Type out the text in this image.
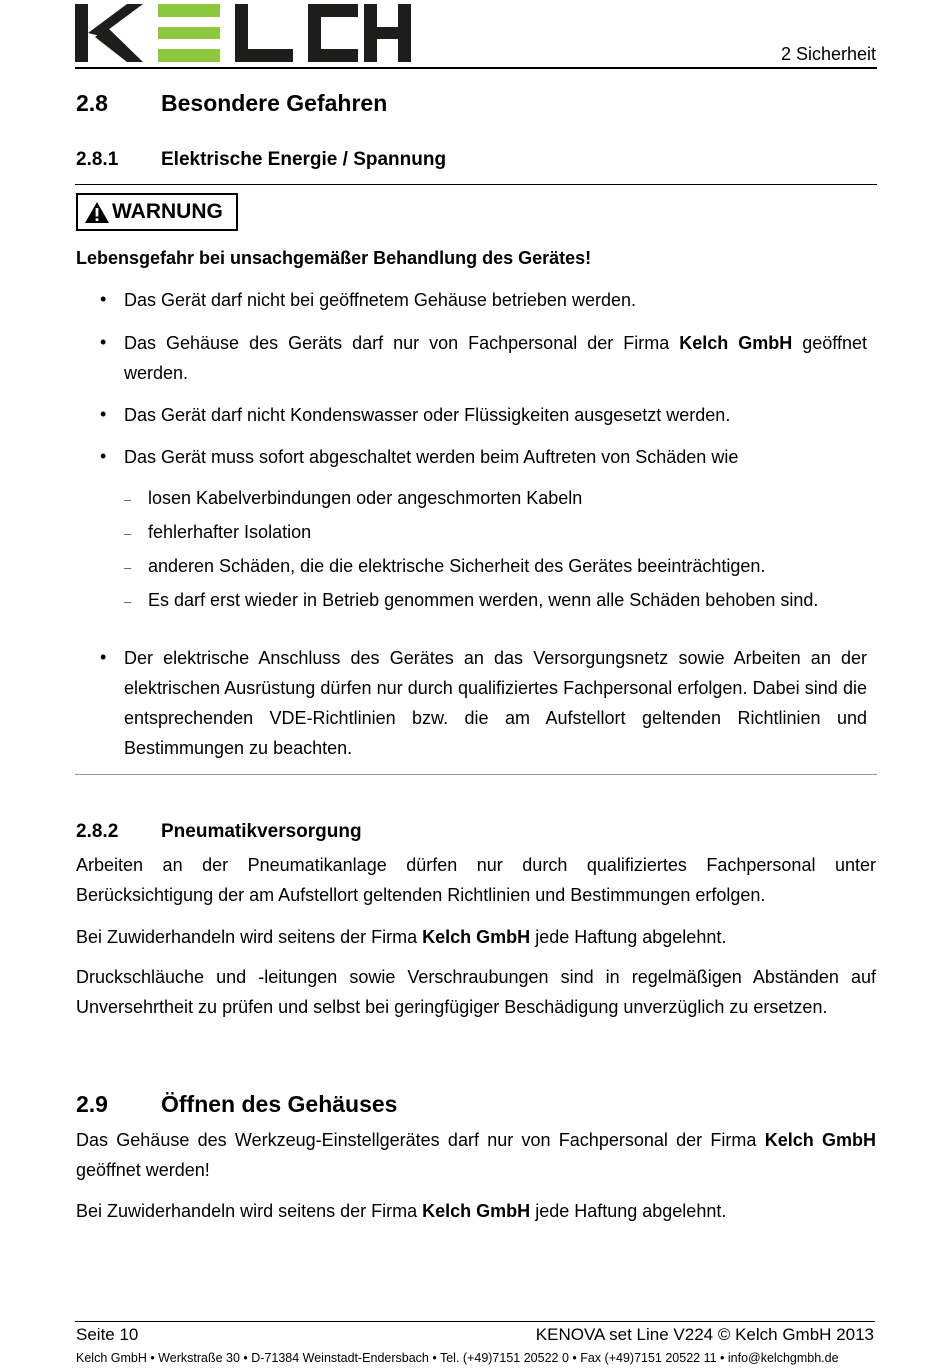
2 Sicherheit
2.8 Besondere Gefahren
2.8.1 Elektrische Energie / Spannung
WARNUNG
Lebensgefahr bei unsachgemäßer Behandlung des Gerätes!
• Das Gerät darf nicht bei geöffnetem Gehäuse betrieben werden.
• Das Gehäuse des Geräts darf nur von Fachpersonal der Firma Kelch GmbH geöffnet werden.
• Das Gerät darf nicht Kondenswasser oder Flüssigkeiten ausgesetzt werden.
• Das Gerät muss sofort abgeschaltet werden beim Auftreten von Schäden wie
– losen Kabelverbindungen oder angeschmorten Kabeln
– fehlerhafter Isolation
– anderen Schäden, die die elektrische Sicherheit des Gerätes beeinträchtigen.
– Es darf erst wieder in Betrieb genommen werden, wenn alle Schäden behoben sind.
• Der elektrische Anschluss des Gerätes an das Versorgungsnetz sowie Arbeiten an der elektrischen Ausrüstung dürfen nur durch qualifiziertes Fachpersonal erfolgen. Dabei sind die entsprechenden VDE-Richtlinien bzw. die am Aufstellort geltenden Richtlinien und Bestimmungen zu beachten.
2.8.2 Pneumatikversorgung
Arbeiten an der Pneumatikanlage dürfen nur durch qualifiziertes Fachpersonal unter Berücksichtigung der am Aufstellort geltenden Richtlinien und Bestimmungen erfolgen.
Bei Zuwiderhandeln wird seitens der Firma Kelch GmbH jede Haftung abgelehnt.
Druckschläuche und -leitungen sowie Verschraubungen sind in regelmäßigen Abständen auf Unversehrtheit zu prüfen und selbst bei geringfügiger Beschädigung unverzüglich zu ersetzen.
2.9 Öffnen des Gehäuses
Das Gehäuse des Werkzeug-Einstellgerätes darf nur von Fachpersonal der Firma Kelch GmbH geöffnet werden!
Bei Zuwiderhandeln wird seitens der Firma Kelch GmbH jede Haftung abgelehnt.
Seite 10	KENOVA set Line V224 © Kelch GmbH 2013
Kelch GmbH • Werkstraße 30 • D-71384 Weinstadt-Endersbach • Tel. (+49)7151 20522 0 • Fax (+49)7151 20522 11 • info@kelchgmbh.de
